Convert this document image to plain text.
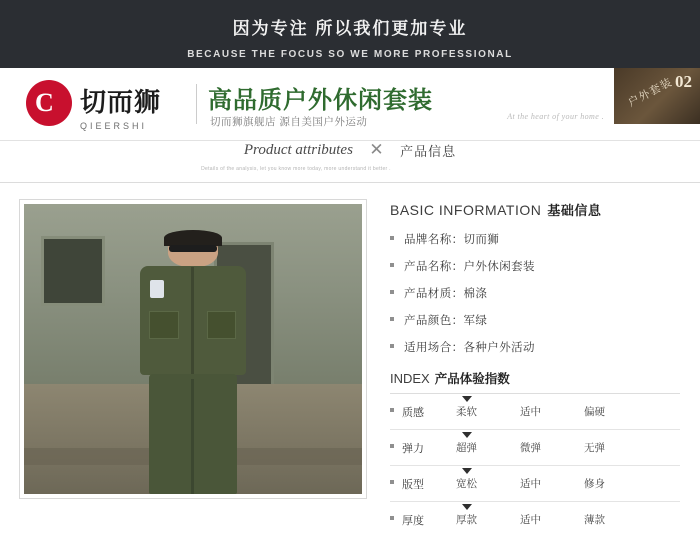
因为专注 所以我们更加专业
BECAUSE THE FOCUS SO WE MORE PROFESSIONAL
C	切而狮
QIEERSHI
高品质户外休闲套装
切而狮旗舰店 源自美国户外运动	At the heart of your home .
02
户外套装
Product attributes ✕ 产品信息
Details of the analysis, let you know more today, more understand it better .
BASIC INFORMATION 基础信息
品牌名称：切而狮
产品名称：户外休闲套装
产品材质：棉涤
产品颜色：军绿
适用场合：各种户外活动
INDEX 产品体验指数
质感	柔软	适中	偏硬
弹力	超弹	微弹	无弹
版型	宽松	适中	修身
厚度	厚款	适中	薄款
